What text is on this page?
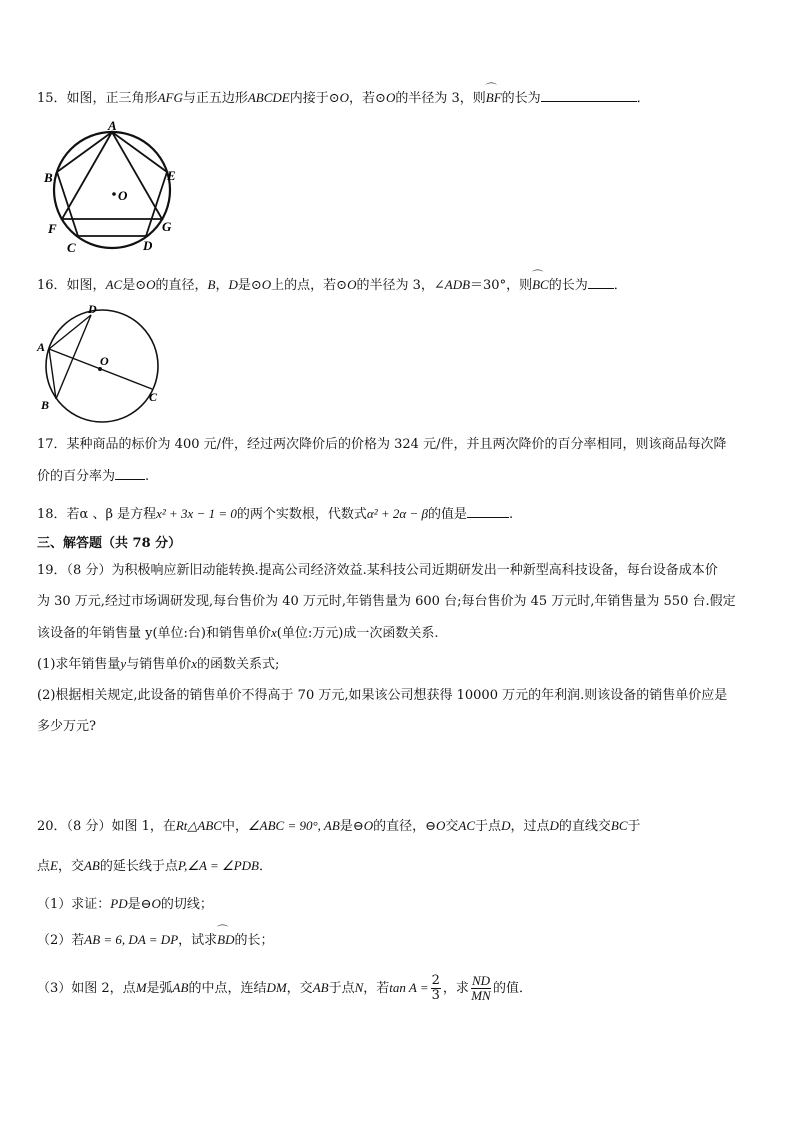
15．如图，正三角形AFG与正五边形ABCDE内接于⊙O，若⊙O的半径为 3，则⌒ BF的长为	．
A
B	E
O
F	G
C	D
16．如图，AC是⊙O的直径，B，D是⊙O上的点，若⊙O的半径为 3，∠ADB＝30°，则⌒ BC的长为 ．
D
A
O
C
B
17．某种商品的标价为 400 元/件，经过两次降价后的价格为 324 元/件，并且两次降价的百分率相同，则该商品每次降
价的百分率为 .
18．若α 、β 是方程x² + 3x − 1 = 0的两个实数根，代数式α² + 2α − β的值是	.
三、解答题（共 78 分）
19．（8 分）为积极响应新旧动能转换.提高公司经济效益.某科技公司近期研发出一种新型高科技设备，每台设备成本价
为 30 万元,经过市场调研发现,每台售价为 40 万元时,年销售量为 600 台;每台售价为 45 万元时,年销售量为 550 台.假定
该设备的年销售量 y(单位:台)和销售单价x(单位:万元)成一次函数关系.
(1)求年销售量y与销售单价x的函数关系式;
(2)根据相关规定,此设备的销售单价不得高于 70 万元,如果该公司想获得 10000 万元的年利润.则该设备的销售单价应是
多少万元?
20．（8 分）如图 1，在Rt△ABC中，∠ABC = 90°, AB是⊖O的直径，⊖O交AC于点D，过点D的直线交BC于
点E，交AB的延长线于点P,∠A = ∠PDB．
（1）求证：PD是⊖O的切线；
（2）若AB = 6, DA = DP，试求⌒ BD的长；
（3）如图 2，点M是弧AB的中点，连结DM，交AB于点N，若$\tan A = \frac{2}{3}$ ，求 $\frac{ND}{MN}$ 的值．
